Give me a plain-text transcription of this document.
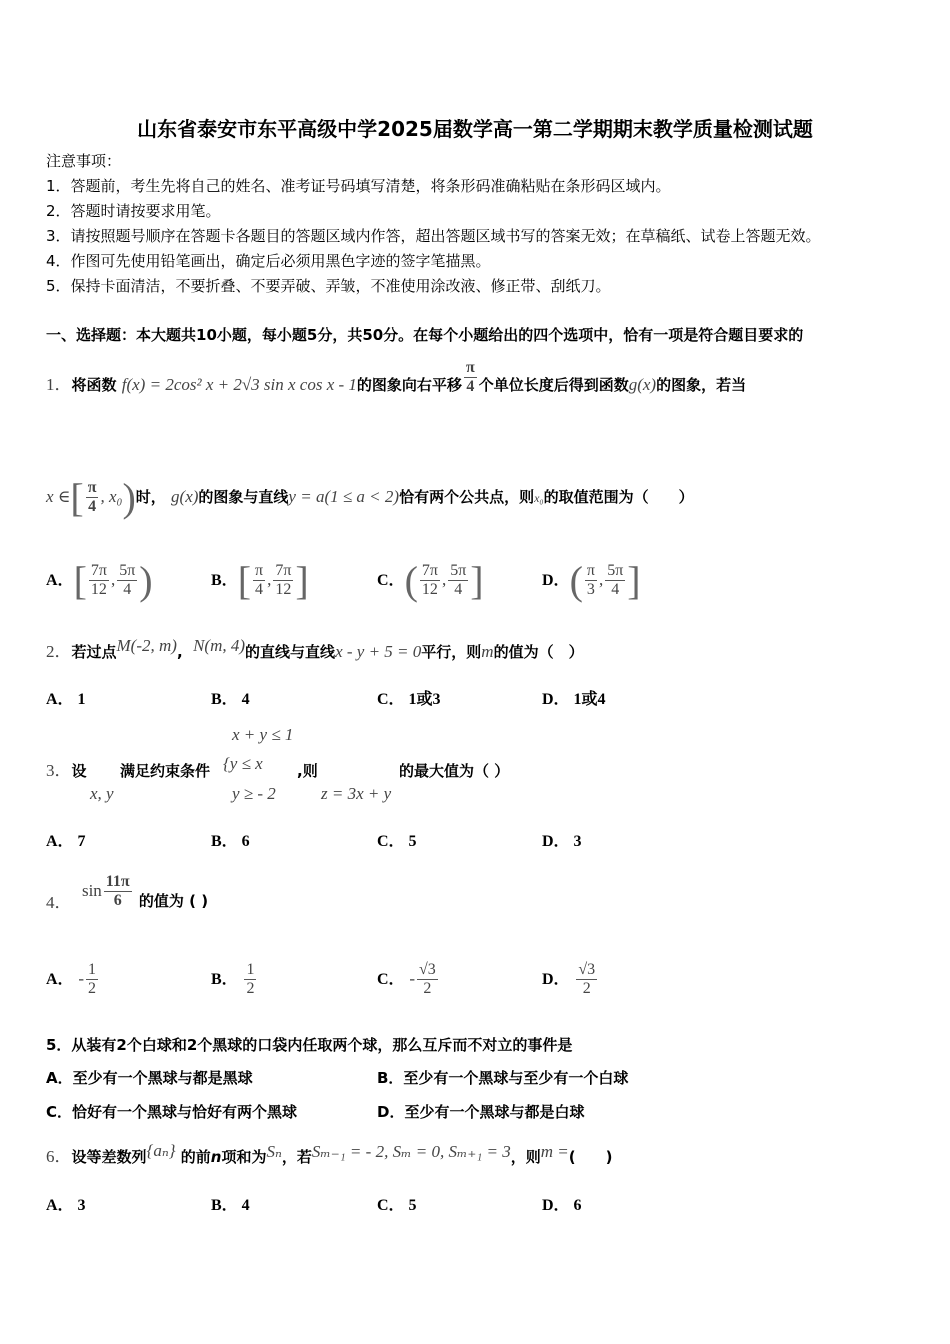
山东省泰安市东平高级中学2025届数学高一第二学期期末教学质量检测试题
注意事项：
1．答题前，考生先将自己的姓名、准考证号码填写清楚，将条形码准确粘贴在条形码区域内。
2．答题时请按要求用笔。
3．请按照题号顺序在答题卡各题目的答题区域内作答，超出答题区域书写的答案无效；在草稿纸、试卷上答题无效。
4．作图可先使用铅笔画出，确定后必须用黑色字迹的签字笔描黑。
5．保持卡面清洁，不要折叠、不要弄破、弄皱，不准使用涂改液、修正带、刮纸刀。
一、选择题：本大题共10小题，每小题5分，共50分。在每个小题给出的四个选项中，恰有一项是符合题目要求的
1．将函数 f(x) = 2cos² x + 2√3 sin x cos x - 1的图象向右平移 $\frac{\pi}{4}$ 个单位长度后得到函数g(x)的图象，若当
x ∈[ $\frac{\pi}{4}$ , x₀)时， g(x)的图象与直线y = a(1 ≤ a < 2)恰有两个公共点，则x₀的取值范围为（　　）
A．[ $\frac{7\pi}{12}$ , $\frac{5\pi}{4}$ )	B．[ $\frac{\pi}{4}$ , $\frac{7\pi}{12}$ ]	C．( $\frac{7\pi}{12}$ , $\frac{5\pi}{4}$ ]	D．( $\frac{\pi}{3}$ , $\frac{5\pi}{4}$ ]
2．若过点M(-2, m), N(m, 4)的直线与直线x - y + 5 = 0平行，则m的值为（　）
A． 1	B． 4	C． 1或3	D． 1或4
x + y ≤ 1
3．设 满足约束条件 {y ≤ x ,则	的最大值为（ ）
x, y	y ≥ - 2	z = 3x + y
A． 7	B． 6	C． 5	D． 3
4．  $\sin \frac{11\pi}{6}$ 的值为 ( )
A． - $\frac{1}{2}$	B． $\frac{1}{2}$	C． - $\frac{√3}{2}$	D． $\frac{√3}{2}$
5．从装有2个白球和2个黑球的口袋内任取两个球，那么互斥而不对立的事件是
A．至少有一个黑球与都是黑球	B．至少有一个黑球与至少有一个白球
C．恰好有一个黑球与恰好有两个黑球	D．至少有一个黑球与都是白球
6．设等差数列{aₙ} 的前n项和为Sₙ，若Sₘ₋₁ = - 2, Sₘ = 0, Sₘ₊₁ = 3，则m =(　　)
A． 3	B． 4	C． 5	D． 6
